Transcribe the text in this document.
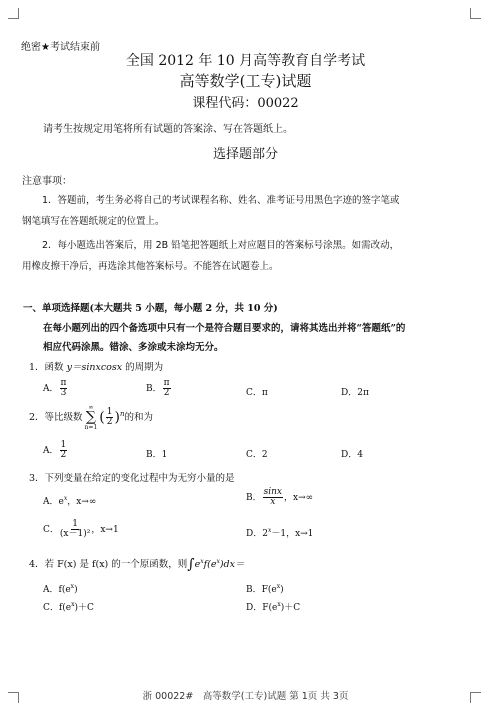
绝密★考试结束前
全国 2012 年 10 月高等教育自学考试
高等数学(工专)试题
课程代码：00022
请考生按规定用笔将所有试题的答案涂、写在答题纸上。
选择题部分
注意事项：
1．答题前，考生务必将自己的考试课程名称、姓名、准考证号用黑色字迹的签字笔或
钢笔填写在答题纸规定的位置上。
2．每小题选出答案后，用 2B 铅笔把答题纸上对应题目的答案标号涂黑。如需改动，
用橡皮擦干净后，再选涂其他答案标号。不能答在试题卷上。
一、单项选择题(本大题共 5 小题，每小题 2 分，共 10 分)
在每小题列出的四个备选项中只有一个是符合题目要求的，请将其选出并将“答题纸”的
相应代码涂黑。错涂、多涂或未涂均无分。
1．函数 y＝sinxcosx 的周期为
A． $\frac{\pi}{3}$	B． $\frac{\pi}{2}$	C．π	D．2π
2．等比级数
∞
∑
n=1
( $\frac{1}{2} )^n$的和为
A． $\frac{1}{2}$	B．1	C．2	D．4
3．下列变量在给定的变化过程中为无穷小量的是
A．$e^x$，x→∞	B． $\frac{\sin x}{x}$ ，x→∞
C． $\frac{1}{\text{(x－1)²}}$ ，x→1	D．$2^x-1$，x→1
4．若 F(x) 是 f(x) 的一个原函数，则$\int e^xf(e^x)dx=$
A．$f(e^x)$	B．$F(e^x)$
C．$f(e^x)+C$	D．$F(e^x)+C$
浙 00022#　高等数学(工专)试题 第 1页 共 3页
